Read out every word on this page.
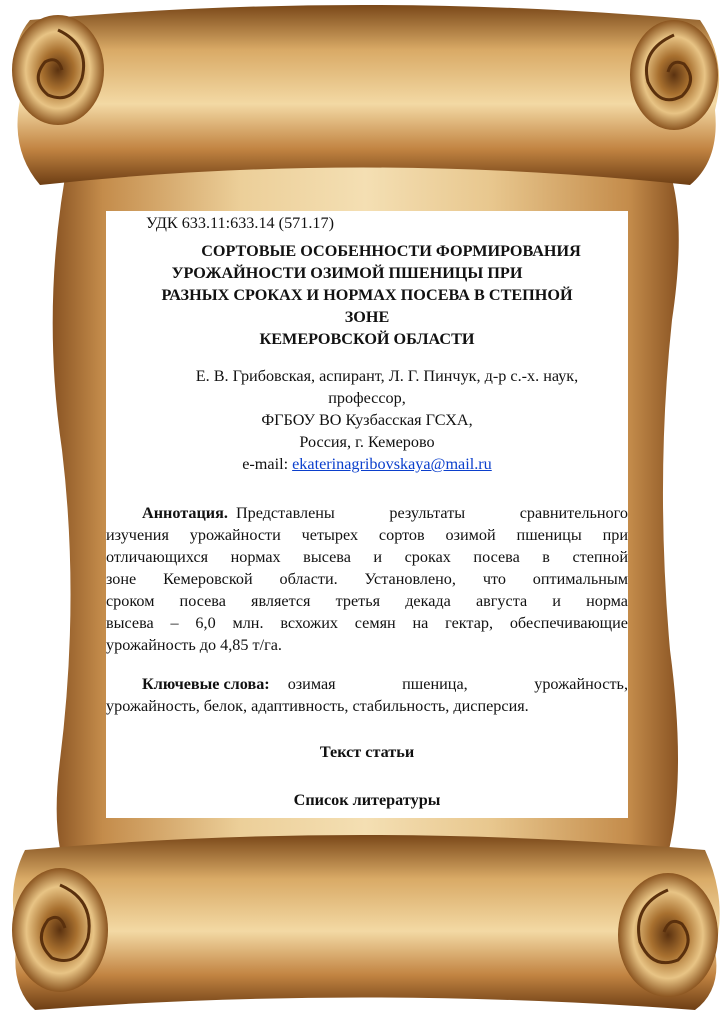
УДК 633.11:633.14 (571.17)
СОРТОВЫЕ ОСОБЕННОСТИ ФОРМИРОВАНИЯ
УРОЖАЙНОСТИ ОЗИМОЙ ПШЕНИЦЫ ПРИ
РАЗНЫХ СРОКАХ И НОРМАХ ПОСЕВА В СТЕПНОЙ
ЗОНЕ
КЕМЕРОВСКОЙ ОБЛАСТИ
Е. В. Грибовская, аспирант, Л. Г. Пинчук, д-р с.-х. наук,
профессор,
ФГБОУ ВО Кузбасская ГСХА,
Россия, г. Кемерово
e-mail: ekaterinagribovskaya@mail.ru
Аннотация. Представлены результаты сравнительного
изучения урожайности четырех сортов озимой пшеницы при
отличающихся нормах высева и сроках посева в степной
зоне Кемеровской области. Установлено, что оптимальным
сроком посева является третья декада августа и норма
высева – 6,0 млн. всхожих семян на гектар, обеспечивающие
урожайность до 4,85 т/га.
Ключевые слова:	озимая пшеница, урожайность,
урожайность, белок, адаптивность, стабильность, дисперсия.
Текст статьи
Список литературы
